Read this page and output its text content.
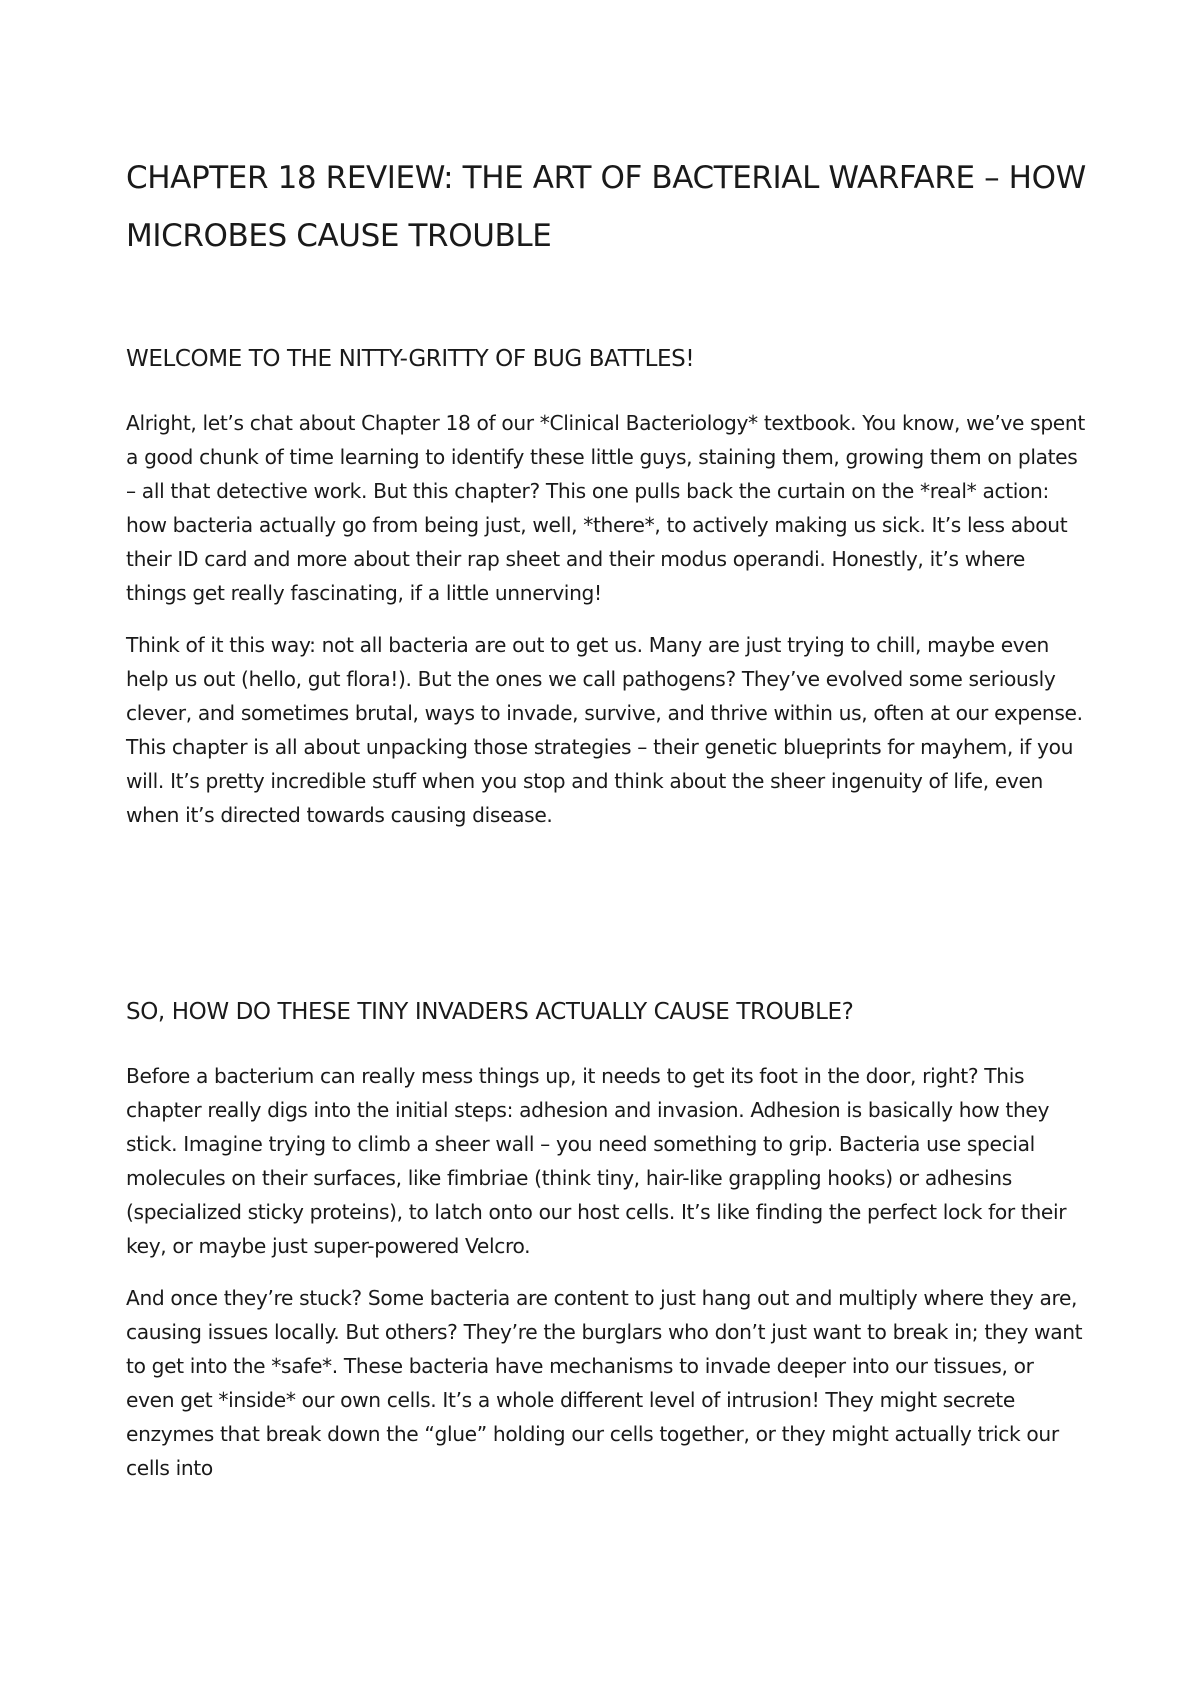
CHAPTER 18 REVIEW: THE ART OF BACTERIAL WARFARE – HOW MICROBES CAUSE TROUBLE
WELCOME TO THE NITTY-GRITTY OF BUG BATTLES!

Alright, let’s chat about Chapter 18 of our *Clinical Bacteriology* textbook. You know, we’ve spent a good chunk of time learning to identify these little guys, staining them, growing them on plates – all that detective work. But this chapter? This one pulls back the curtain on the *real* action: how bacteria actually go from being just, well, *there*, to actively making us sick. It’s less about their ID card and more about their rap sheet and their modus operandi. Honestly, it’s where things get really fascinating, if a little unnerving!

Think of it this way: not all bacteria are out to get us. Many are just trying to chill, maybe even help us out (hello, gut flora!). But the ones we call pathogens? They’ve evolved some seriously clever, and sometimes brutal, ways to invade, survive, and thrive within us, often at our expense. This chapter is all about unpacking those strategies – their genetic blueprints for mayhem, if you will. It’s pretty incredible stuff when you stop and think about the sheer ingenuity of life, even when it’s directed towards causing disease.

SO, HOW DO THESE TINY INVADERS ACTUALLY CAUSE TROUBLE?

Before a bacterium can really mess things up, it needs to get its foot in the door, right? This chapter really digs into the initial steps: adhesion and invasion. Adhesion is basically how they stick. Imagine trying to climb a sheer wall – you need something to grip. Bacteria use special molecules on their surfaces, like fimbriae (think tiny, hair-like grappling hooks) or adhesins (specialized sticky proteins), to latch onto our host cells. It’s like finding the perfect lock for their key, or maybe just super-powered Velcro.

And once they’re stuck? Some bacteria are content to just hang out and multiply where they are, causing issues locally. But others? They’re the burglars who don’t just want to break in; they want to get into the *safe*. These bacteria have mechanisms to invade deeper into our tissues, or even get *inside* our own cells. It’s a whole different level of intrusion! They might secrete enzymes that break down the “glue” holding our cells together, or they might actually trick our cells into
